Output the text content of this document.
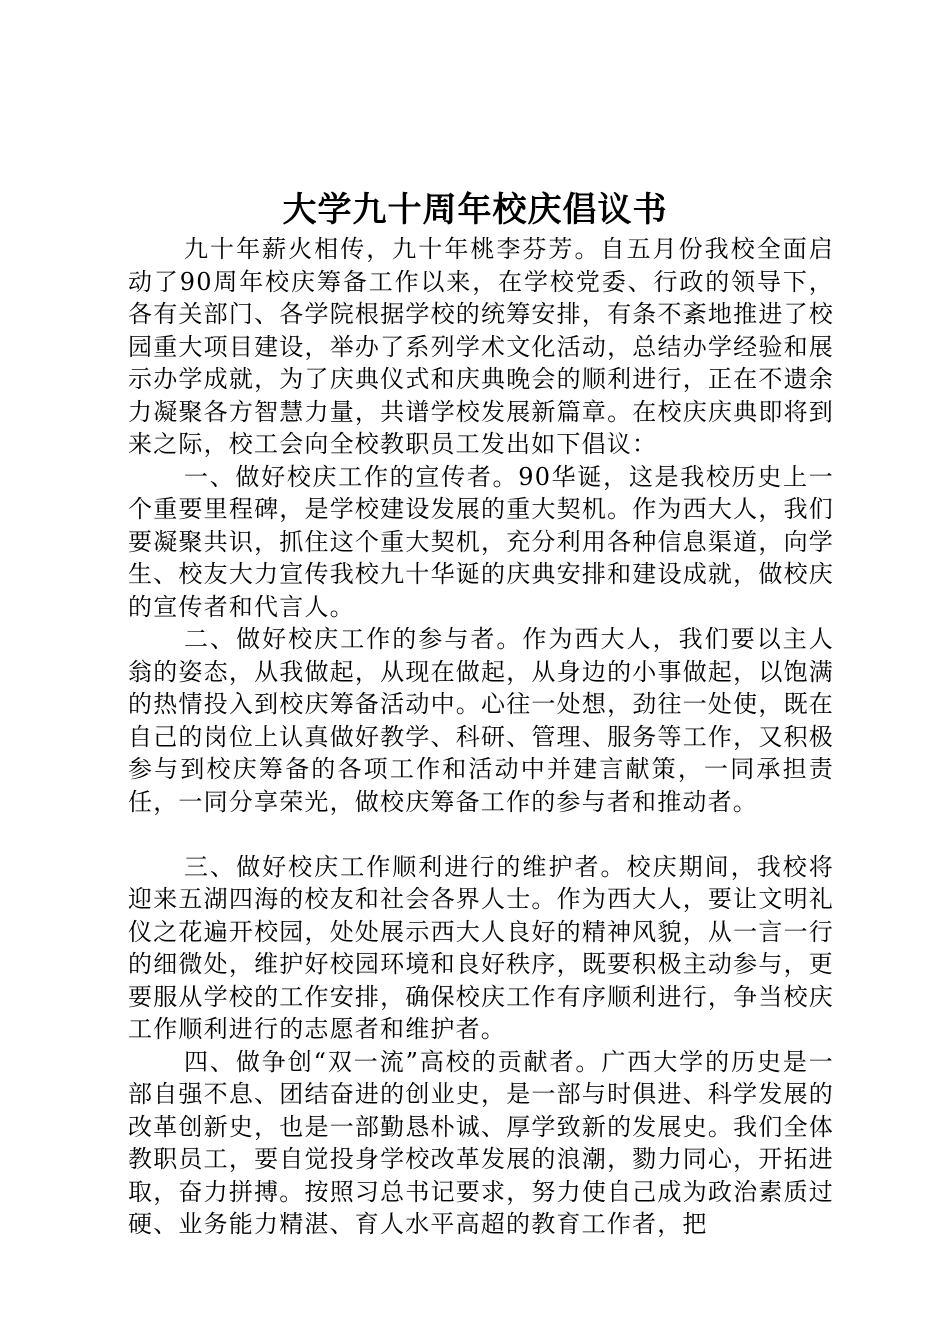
大学九十周年校庆倡议书

九十年薪火相传，九十年桃李芬芳。自五月份我校全面启动了90周年校庆筹备工作以来，在学校党委、行政的领导下，各有关部门、各学院根据学校的统筹安排，有条不紊地推进了校园重大项目建设，举办了系列学术文化活动，总结办学经验和展示办学成就，为了庆典仪式和庆典晚会的顺利进行，正在不遗余力凝聚各方智慧力量，共谱学校发展新篇章。在校庆庆典即将到来之际，校工会向全校教职员工发出如下倡议：

一、做好校庆工作的宣传者。90华诞，这是我校历史上一个重要里程碑，是学校建设发展的重大契机。作为西大人，我们要凝聚共识，抓住这个重大契机，充分利用各种信息渠道，向学生、校友大力宣传我校九十华诞的庆典安排和建设成就，做校庆的宣传者和代言人。

二、做好校庆工作的参与者。作为西大人，我们要以主人翁的姿态，从我做起，从现在做起，从身边的小事做起，以饱满的热情投入到校庆筹备活动中。心往一处想，劲往一处使，既在自己的岗位上认真做好教学、科研、管理、服务等工作，又积极参与到校庆筹备的各项工作和活动中并建言献策，一同承担责任，一同分享荣光，做校庆筹备工作的参与者和推动者。

三、做好校庆工作顺利进行的维护者。校庆期间，我校将迎来五湖四海的校友和社会各界人士。作为西大人，要让文明礼仪之花遍开校园，处处展示西大人良好的精神风貌，从一言一行的细微处，维护好校园环境和良好秩序，既要积极主动参与，更要服从学校的工作安排，确保校庆工作有序顺利进行，争当校庆工作顺利进行的志愿者和维护者。

四、做争创“双一流”高校的贡献者。广西大学的历史是一部自强不息、团结奋进的创业史，是一部与时俱进、科学发展的改革创新史，也是一部勤恳朴诚、厚学致新的发展史。我们全体教职员工，要自觉投身学校改革发展的浪潮，勠力同心，开拓进取，奋力拼搏。按照习总书记要求，努力使自己成为政治素质过硬、业务能力精湛、育人水平高超的教育工作者，把
